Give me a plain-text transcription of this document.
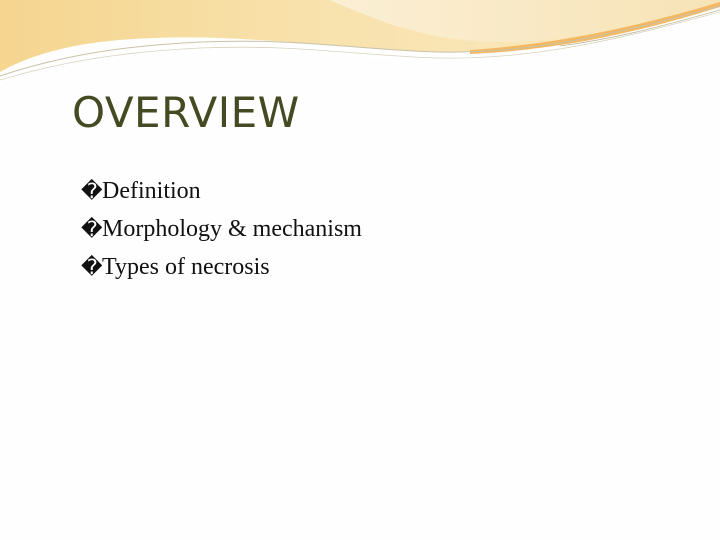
OVERVIEW
� Definition
� Morphology & mechanism
� Types of necrosis
